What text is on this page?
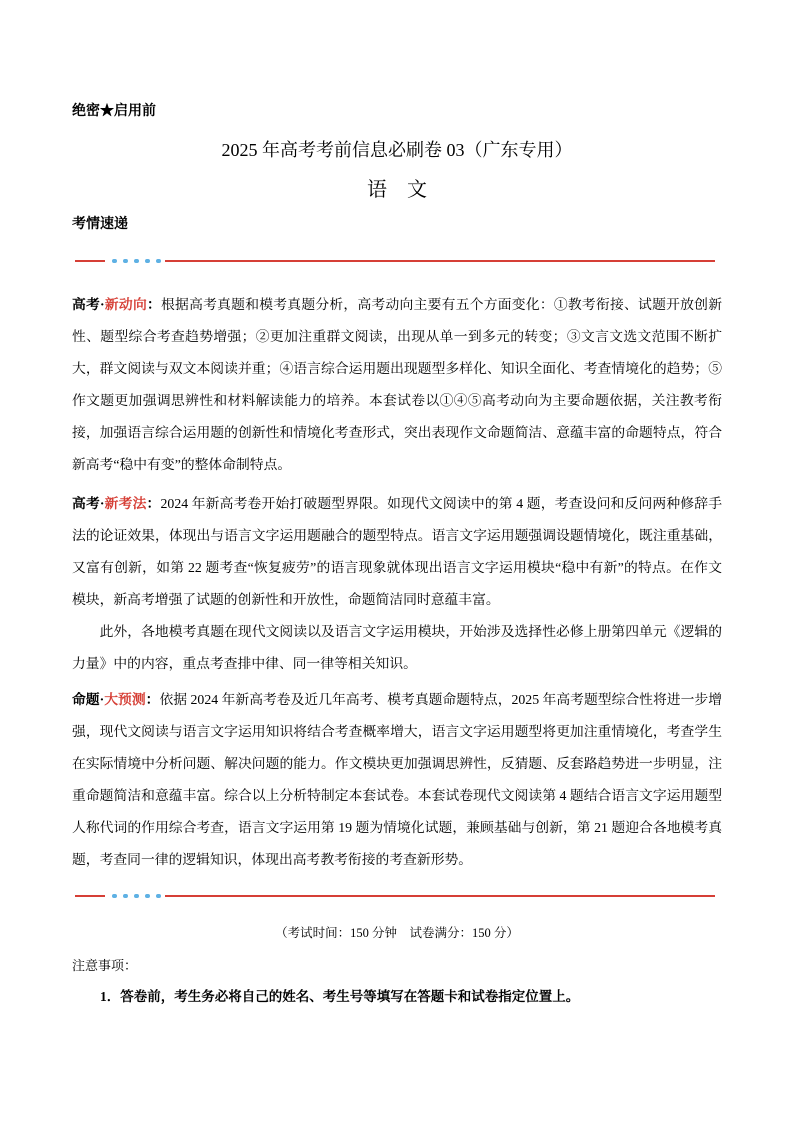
绝密★启用前
2025 年高考考前信息必刷卷 03（广东专用）
语　文
考情速递

高考·新动向：根据高考真题和模考真题分析，高考动向主要有五个方面变化：①教考衔接、试题开放创新性、题型综合考查趋势增强；②更加注重群文阅读，出现从单一到多元的转变；③文言文选文范围不断扩大，群文阅读与双文本阅读并重；④语言综合运用题出现题型多样化、知识全面化、考查情境化的趋势；⑤作文题更加强调思辨性和材料解读能力的培养。本套试卷以①④⑤高考动向为主要命题依据，关注教考衔接，加强语言综合运用题的创新性和情境化考查形式，突出表现作文命题简洁、意蕴丰富的命题特点，符合新高考“稳中有变”的整体命制特点。

高考·新考法：2024 年新高考卷开始打破题型界限。如现代文阅读中的第 4 题，考查设问和反问两种修辞手法的论证效果，体现出与语言文字运用题融合的题型特点。语言文字运用题强调设题情境化，既注重基础，又富有创新，如第 22 题考查“恢复疲劳”的语言现象就体现出语言文字运用模块“稳中有新”的特点。在作文模块，新高考增强了试题的创新性和开放性，命题简洁同时意蕴丰富。

此外，各地模考真题在现代文阅读以及语言文字运用模块，开始涉及选择性必修上册第四单元《逻辑的力量》中的内容，重点考查排中律、同一律等相关知识。

命题·大预测：依据 2024 年新高考卷及近几年高考、模考真题命题特点，2025 年高考题型综合性将进一步增强，现代文阅读与语言文字运用知识将结合考查概率增大，语言文字运用题型将更加注重情境化，考查学生在实际情境中分析问题、解决问题的能力。作文模块更加强调思辨性，反猜题、反套路趋势进一步明显，注重命题简洁和意蕴丰富。综合以上分析特制定本套试卷。本套试卷现代文阅读第 4 题结合语言文字运用题型人称代词的作用综合考查，语言文字运用第 19 题为情境化试题，兼顾基础与创新，第 21 题迎合各地模考真题，考查同一律的逻辑知识，体现出高考教考衔接的考查新形势。

（考试时间：150 分钟　试卷满分：150 分）
注意事项：
1．答卷前，考生务必将自己的姓名、考生号等填写在答题卡和试卷指定位置上。
